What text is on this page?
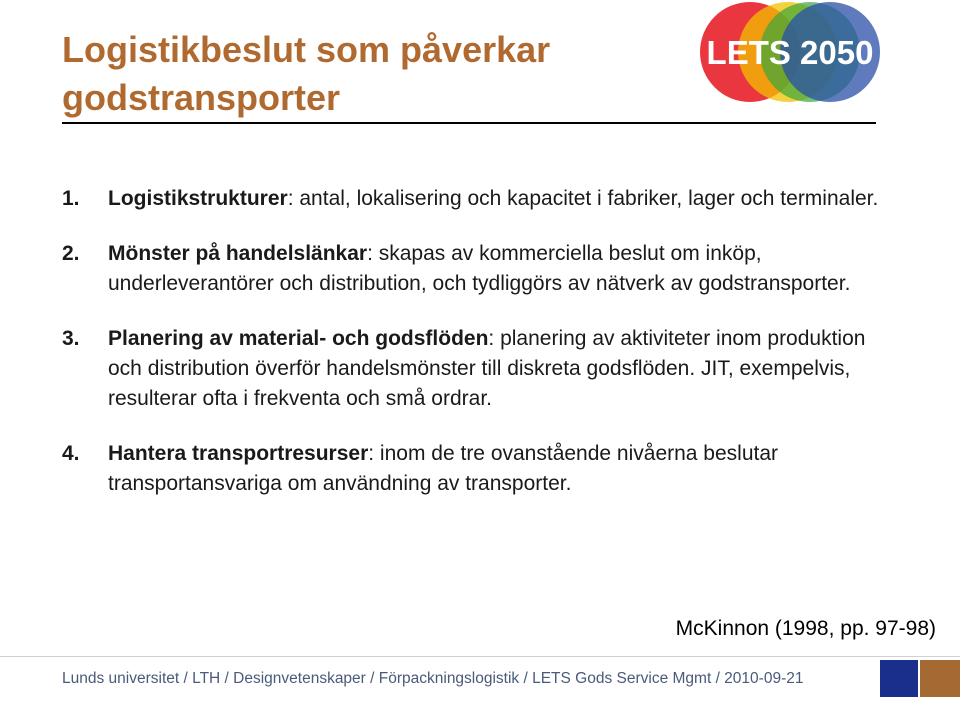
Logistikbeslut som påverkar godstransporter
LETS 2050
1. Logistikstrukturer: antal, lokalisering och kapacitet i fabriker, lager och terminaler.
2. Mönster på handelslänkar: skapas av kommerciella beslut om inköp, underleverantörer och distribution, och tydliggörs av nätverk av godstransporter.
3. Planering av material- och godsflöden: planering av aktiviteter inom produktion och distribution överför handelsmönster till diskreta godsflöden. JIT, exempelvis, resulterar ofta i frekventa och små ordrar.
4. Hantera transportresurser: inom de tre ovanstående nivåerna beslutar transportansvariga om användning av transporter.
McKinnon (1998, pp. 97-98)
Lunds universitet / LTH / Designvetenskaper / Förpackningslogistik / LETS Gods Service Mgmt / 2010-09-21
